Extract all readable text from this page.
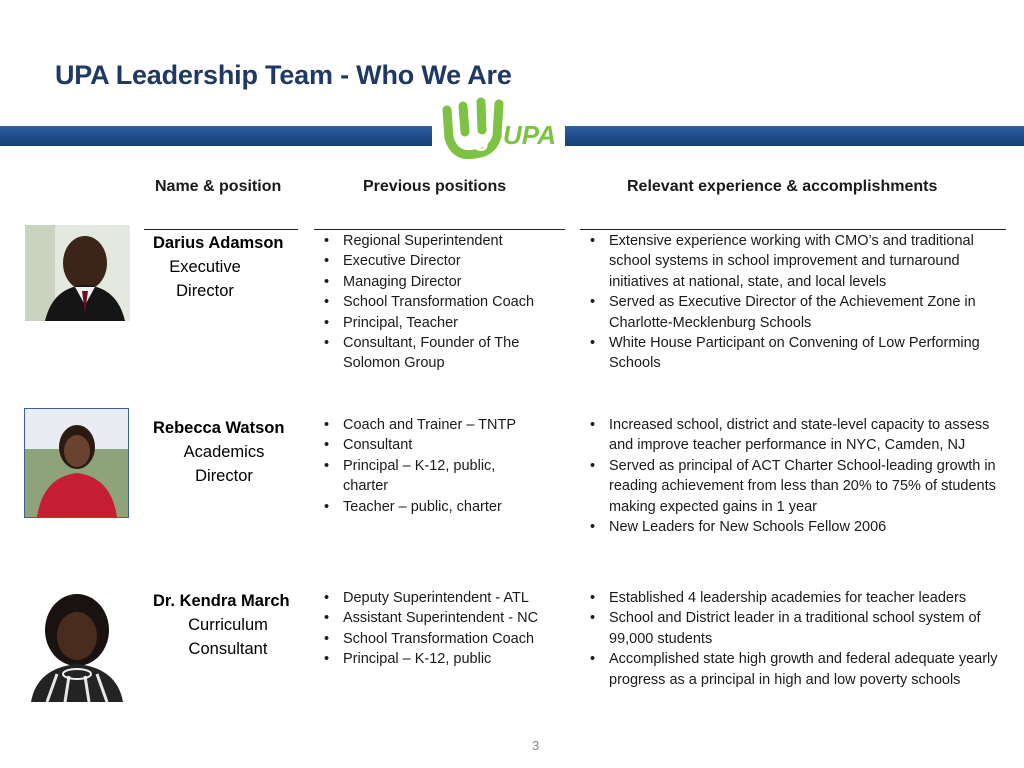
UPA Leadership Team - Who We Are
U UPA
Name & position	Previous positions	Relevant experience & accomplishments
Darius Adamson
Executive
Director
• Regional Superintendent
• Executive Director
• Managing Director
• School Transformation Coach
• Principal, Teacher
• Consultant, Founder of The Solomon Group
• Extensive experience working with CMO’s and traditional school systems in school improvement and turnaround initiatives at national, state, and local levels
• Served as Executive Director of the Achievement Zone in Charlotte-Mecklenburg Schools
• White House Participant on Convening of Low Performing Schools
Rebecca Watson
Academics
Director
• Coach and Trainer – TNTP
• Consultant
• Principal – K-12, public, charter
• Teacher – public, charter
• Increased school, district and state-level capacity to assess and improve teacher performance in NYC, Camden, NJ
• Served as principal of ACT Charter School-leading growth in reading achievement from less than 20% to 75% of students making expected gains in 1 year
• New Leaders for New Schools Fellow 2006
Dr. Kendra March
Curriculum
Consultant
• Deputy Superintendent - ATL
• Assistant Superintendent - NC
• School Transformation Coach
• Principal – K-12, public
• Established 4 leadership academies for teacher leaders
• School and District leader in a traditional school system of 99,000 students
• Accomplished state high growth and federal adequate yearly progress as a principal in high and low poverty schools
3
